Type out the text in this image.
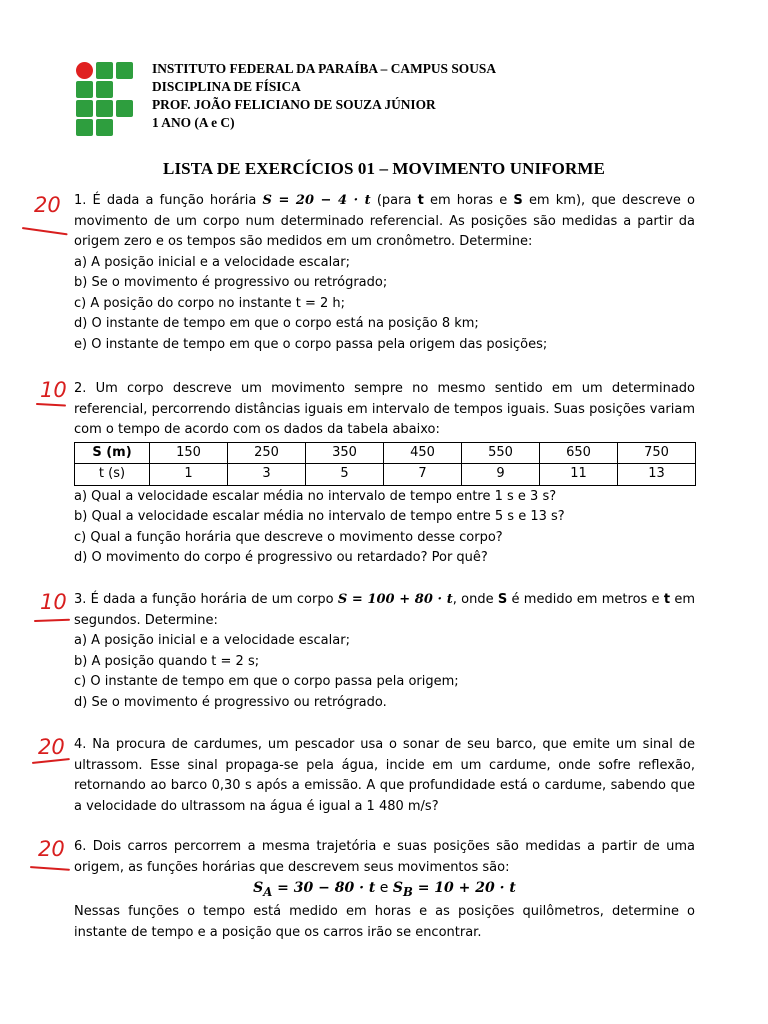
INSTITUTO FEDERAL DA PARAÍBA – CAMPUS SOUSA
DISCIPLINA DE FÍSICA
PROF. JOÃO FELICIANO DE SOUZA JÚNIOR
1 ANO (A e C)
LISTA DE EXERCÍCIOS 01 – MOVIMENTO UNIFORME

1. É dada a função horária S = 20 − 4 · t (para t em horas e S em km), que descreve o movimento de um corpo num determinado referencial. As posições são medidas a partir da origem zero e os tempos são medidos em um cronômetro. Determine:

a) A posição inicial e a velocidade escalar;

b) Se o movimento é progressivo ou retrógrado;

c) A posição do corpo no instante t = 2 h;

d) O instante de tempo em que o corpo está na posição 8 km;

e) O instante de tempo em que o corpo passa pela origem das posições;

2. Um corpo descreve um movimento sempre no mesmo sentido em um determinado referencial, percorrendo distâncias iguais em intervalo de tempos iguais. Suas posições variam com o tempo de acordo com os dados da tabela abaixo:

S (m)	150	250	350	450	550	650	750
t (s)	1	3	5	7	9	11	13

a) Qual a velocidade escalar média no intervalo de tempo entre 1 s e 3 s?

b) Qual a velocidade escalar média no intervalo de tempo entre 5 s e 13 s?

c) Qual a função horária que descreve o movimento desse corpo?

d) O movimento do corpo é progressivo ou retardado? Por quê?

3. É dada a função horária de um corpo S = 100 + 80 · t, onde S é medido em metros e t em segundos. Determine:

a) A posição inicial e a velocidade escalar;

b) A posição quando t = 2 s;

c) O instante de tempo em que o corpo passa pela origem;

d) Se o movimento é progressivo ou retrógrado.

4. Na procura de cardumes, um pescador usa o sonar de seu barco, que emite um sinal de ultrassom. Esse sinal propaga-se pela água, incide em um cardume, onde sofre reflexão, retornando ao barco 0,30 s após a emissão. A que profundidade está o cardume, sabendo que a velocidade do ultrassom na água é igual a 1 480 m/s?

6. Dois carros percorrem a mesma trajetória e suas posições são medidas a partir de uma origem, as funções horárias que descrevem seus movimentos são:

$S_A = 30 - 80 \cdot t$ e $S_B = 10 + 20 \cdot t$

Nessas funções o tempo está medido em horas e as posições quilômetros, determine o instante de tempo e a posição que os carros irão se encontrar.

20
10
10
20
20
